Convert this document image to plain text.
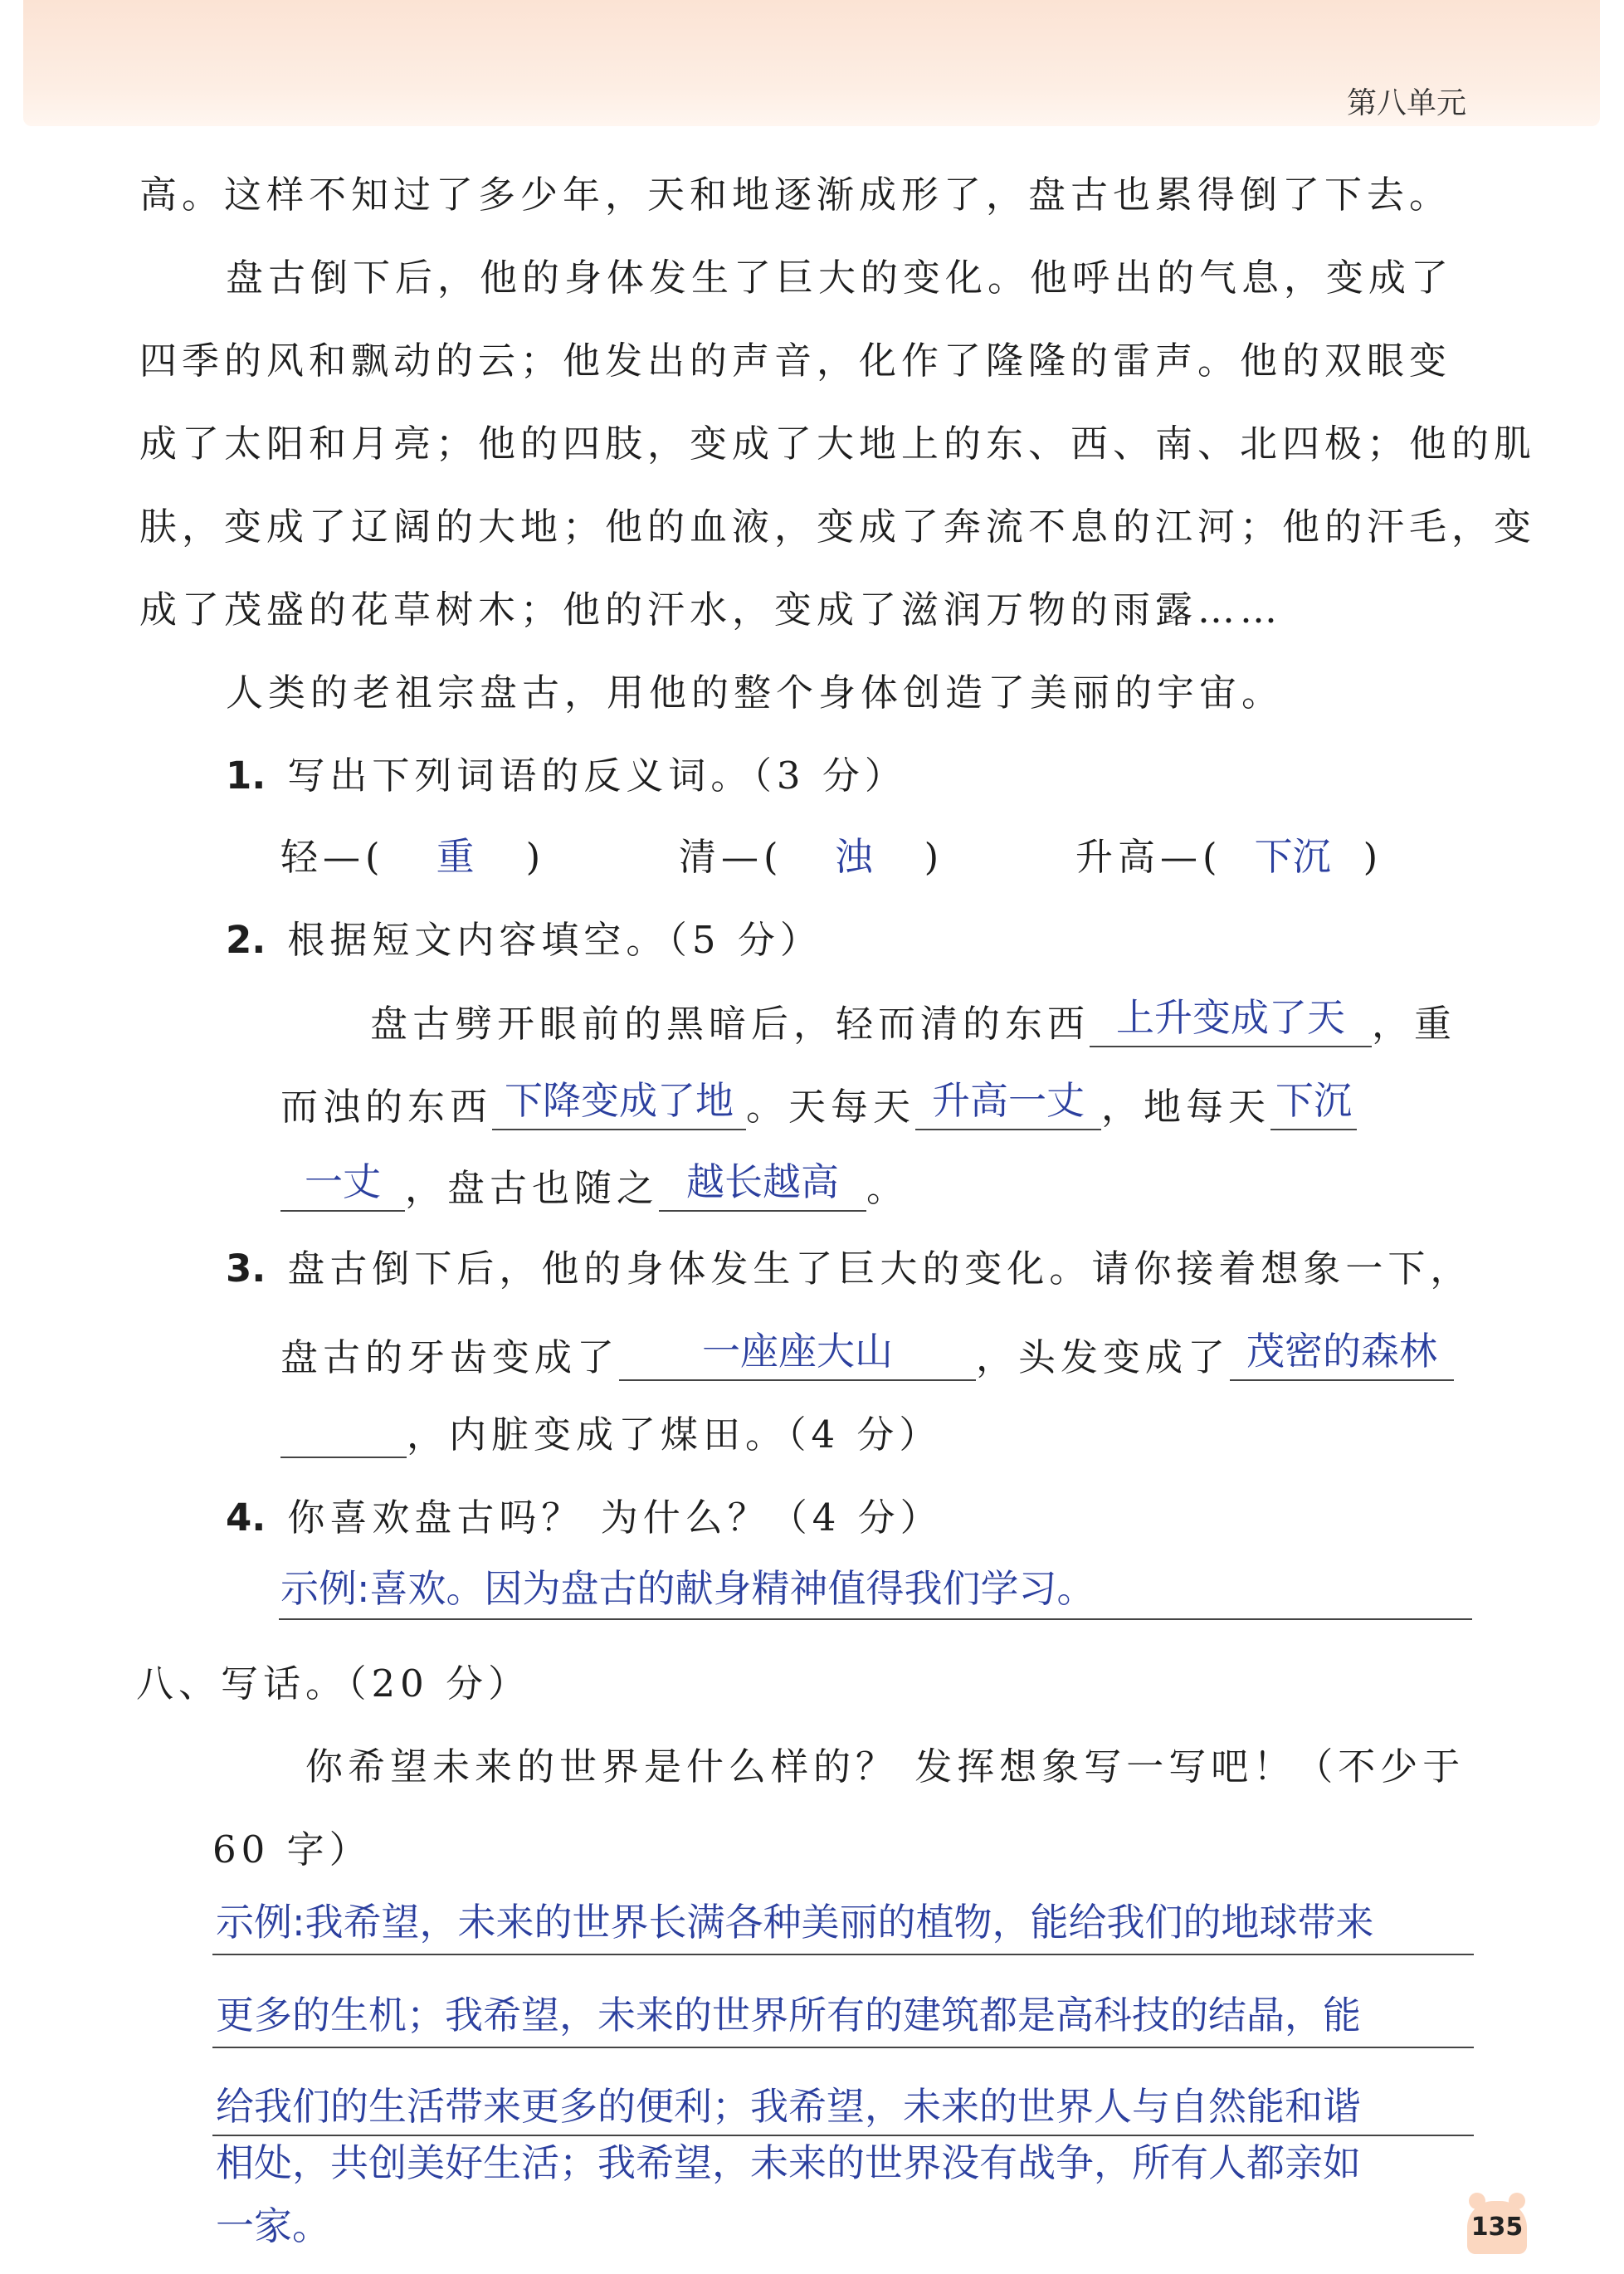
第八单元
高。这样不知过了多少年，天和地逐渐成形了，盘古也累得倒了下去。
盘古倒下后，他的身体发生了巨大的变化。他呼出的气息，变成了
四季的风和飘动的云；他发出的声音，化作了隆隆的雷声。他的双眼变
成了太阳和月亮；他的四肢，变成了大地上的东、西、南、北四极；他的肌
肤，变成了辽阔的大地；他的血液，变成了奔流不息的江河；他的汗毛，变
成了茂盛的花草树木；他的汗水，变成了滋润万物的雨露……
人类的老祖宗盘古，用他的整个身体创造了美丽的宇宙。
1. 写出下列词语的反义词。（3 分）
轻—( 重 )	清—( 浊 )	升高—( 下沉 )
2. 根据短文内容填空。（5 分）
盘古劈开眼前的黑暗后，轻而清的东西 上升变成了天 ，重
而浊的东西 下降变成了地 。天每天 升高一丈 ，地每天 下沉
一丈 ，盘古也随之 越长越高 。
3. 盘古倒下后，他的身体发生了巨大的变化。请你接着想象一下，
盘古的牙齿变成了 一座座大山 ，头发变成了 茂密的森林
，内脏变成了煤田。（4 分）
4. 你喜欢盘古吗？ 为什么？（4 分）
示例:喜欢。因为盘古的献身精神值得我们学习。
八、写话。（20 分）
你希望未来的世界是什么样的？ 发挥想象写一写吧！（不少于
60 字）
示例:我希望，未来的世界长满各种美丽的植物，能给我们的地球带来
更多的生机；我希望，未来的世界所有的建筑都是高科技的结晶，能
给我们的生活带来更多的便利；我希望，未来的世界人与自然能和谐
相处，共创美好生活；我希望，未来的世界没有战争，所有人都亲如
一家。	135
